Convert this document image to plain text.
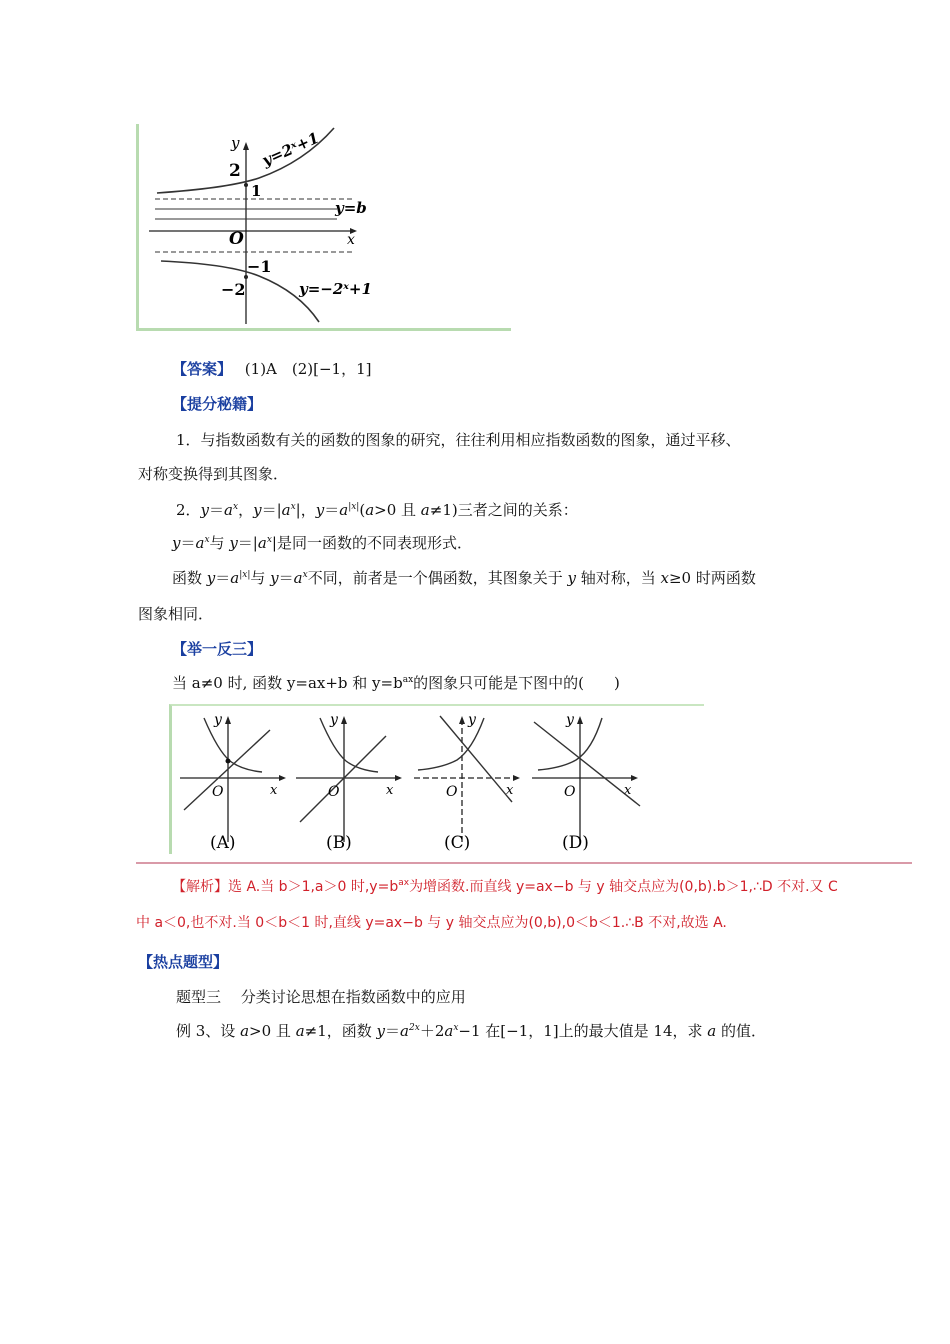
y
x
O
2
1
−1
−2
y=2ˣ+1
y=−2ˣ+1
y=b
【答案】 (1)A　(2)[−1，1]
【提分秘籍】
1．与指数函数有关的函数的图象的研究，往往利用相应指数函数的图象，通过平移、
对称变换得到其图象．
2．$y=a^x$，$y=|a^x|$，$y=a^{|x|}(a>0$ 且 a≠1)三者之间的关系：
$y=a^x$与 $y=|a^x|$是同一函数的不同表现形式．
函数 $y=a^{|x|}$与 $y=a^x$不同，前者是一个偶函数，其图象关于 y 轴对称，当 x≥0 时两函数
图象相同．
【举一反三】
当 a≠0 时, 函数 y=ax+b 和 $y=b^{ax}$的图象只可能是下图中的(　　)
y
x
O
(A)
y
x
O
(B)
y
x
O
(C)
y
x
O
(D)
【解析】选 A.当 b＞1,a＞0 时$,y=b^{ax}$为增函数.而直线 y=ax−b 与 y 轴交点应为(0,b).b＞1,∴D 不对.又 C
中 a＜0,也不对.当 0＜b＜1 时,直线 y=ax−b 与 y 轴交点应为(0,b),0＜b＜1.∴B 不对,故选 A.
【热点题型】
题型三　 分类讨论思想在指数函数中的应用
例 3、设 a>0 且 a≠1，函数 $y=a^{2x}+2a^x-1$ 在[−1，1]上的最大值是 14，求 a 的值．
